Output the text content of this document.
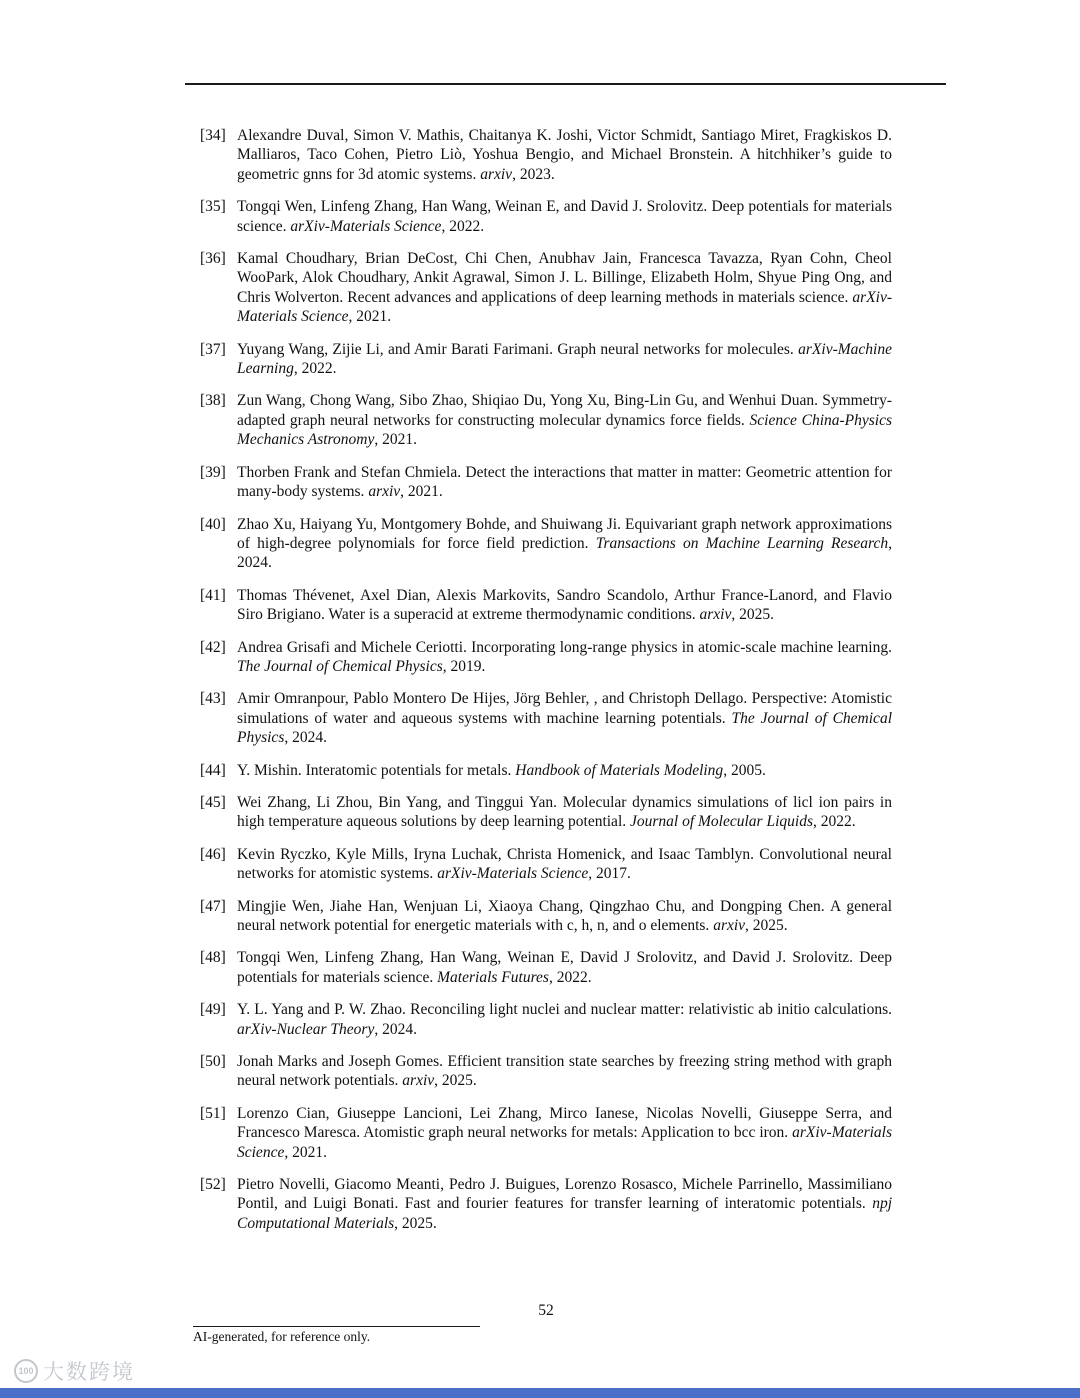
[34] Alexandre Duval, Simon V. Mathis, Chaitanya K. Joshi, Victor Schmidt, Santiago Miret, Fragkiskos D. Malliaros, Taco Cohen, Pietro Liò, Yoshua Bengio, and Michael Bronstein. A hitchhiker’s guide to geometric gnns for 3d atomic systems. arxiv, 2023.
[35] Tongqi Wen, Linfeng Zhang, Han Wang, Weinan E, and David J. Srolovitz. Deep potentials for materials science. arXiv-Materials Science, 2022.
[36] Kamal Choudhary, Brian DeCost, Chi Chen, Anubhav Jain, Francesca Tavazza, Ryan Cohn, Cheol WooPark, Alok Choudhary, Ankit Agrawal, Simon J. L. Billinge, Elizabeth Holm, Shyue Ping Ong, and Chris Wolverton. Recent advances and applications of deep learning methods in materials science. arXiv-Materials Science, 2021.
[37] Yuyang Wang, Zijie Li, and Amir Barati Farimani. Graph neural networks for molecules. arXiv-Machine Learning, 2022.
[38] Zun Wang, Chong Wang, Sibo Zhao, Shiqiao Du, Yong Xu, Bing-Lin Gu, and Wenhui Duan. Symmetry-adapted graph neural networks for constructing molecular dynamics force fields. Science China-Physics Mechanics Astronomy, 2021.
[39] Thorben Frank and Stefan Chmiela. Detect the interactions that matter in matter: Geometric attention for many-body systems. arxiv, 2021.
[40] Zhao Xu, Haiyang Yu, Montgomery Bohde, and Shuiwang Ji. Equivariant graph network approximations of high-degree polynomials for force field prediction. Transactions on Machine Learning Research, 2024.
[41] Thomas Thévenet, Axel Dian, Alexis Markovits, Sandro Scandolo, Arthur France-Lanord, and Flavio Siro Brigiano. Water is a superacid at extreme thermodynamic conditions. arxiv, 2025.
[42] Andrea Grisafi and Michele Ceriotti. Incorporating long-range physics in atomic-scale machine learning. The Journal of Chemical Physics, 2019.
[43] Amir Omranpour, Pablo Montero De Hijes, Jörg Behler, , and Christoph Dellago. Perspective: Atomistic simulations of water and aqueous systems with machine learning potentials. The Journal of Chemical Physics, 2024.
[44] Y. Mishin. Interatomic potentials for metals. Handbook of Materials Modeling, 2005.
[45] Wei Zhang, Li Zhou, Bin Yang, and Tinggui Yan. Molecular dynamics simulations of licl ion pairs in high temperature aqueous solutions by deep learning potential. Journal of Molecular Liquids, 2022.
[46] Kevin Ryczko, Kyle Mills, Iryna Luchak, Christa Homenick, and Isaac Tamblyn. Convolutional neural networks for atomistic systems. arXiv-Materials Science, 2017.
[47] Mingjie Wen, Jiahe Han, Wenjuan Li, Xiaoya Chang, Qingzhao Chu, and Dongping Chen. A general neural network potential for energetic materials with c, h, n, and o elements. arxiv, 2025.
[48] Tongqi Wen, Linfeng Zhang, Han Wang, Weinan E, David J Srolovitz, and David J. Srolovitz. Deep potentials for materials science. Materials Futures, 2022.
[49] Y. L. Yang and P. W. Zhao. Reconciling light nuclei and nuclear matter: relativistic ab initio calculations. arXiv-Nuclear Theory, 2024.
[50] Jonah Marks and Joseph Gomes. Efficient transition state searches by freezing string method with graph neural network potentials. arxiv, 2025.
[51] Lorenzo Cian, Giuseppe Lancioni, Lei Zhang, Mirco Ianese, Nicolas Novelli, Giuseppe Serra, and Francesco Maresca. Atomistic graph neural networks for metals: Application to bcc iron. arXiv-Materials Science, 2021.
[52] Pietro Novelli, Giacomo Meanti, Pedro J. Buigues, Lorenzo Rosasco, Michele Parrinello, Massimiliano Pontil, and Luigi Bonati. Fast and fourier features for transfer learning of interatomic potentials. npj Computational Materials, 2025.
52
AI-generated, for reference only.
100 大数跨境
